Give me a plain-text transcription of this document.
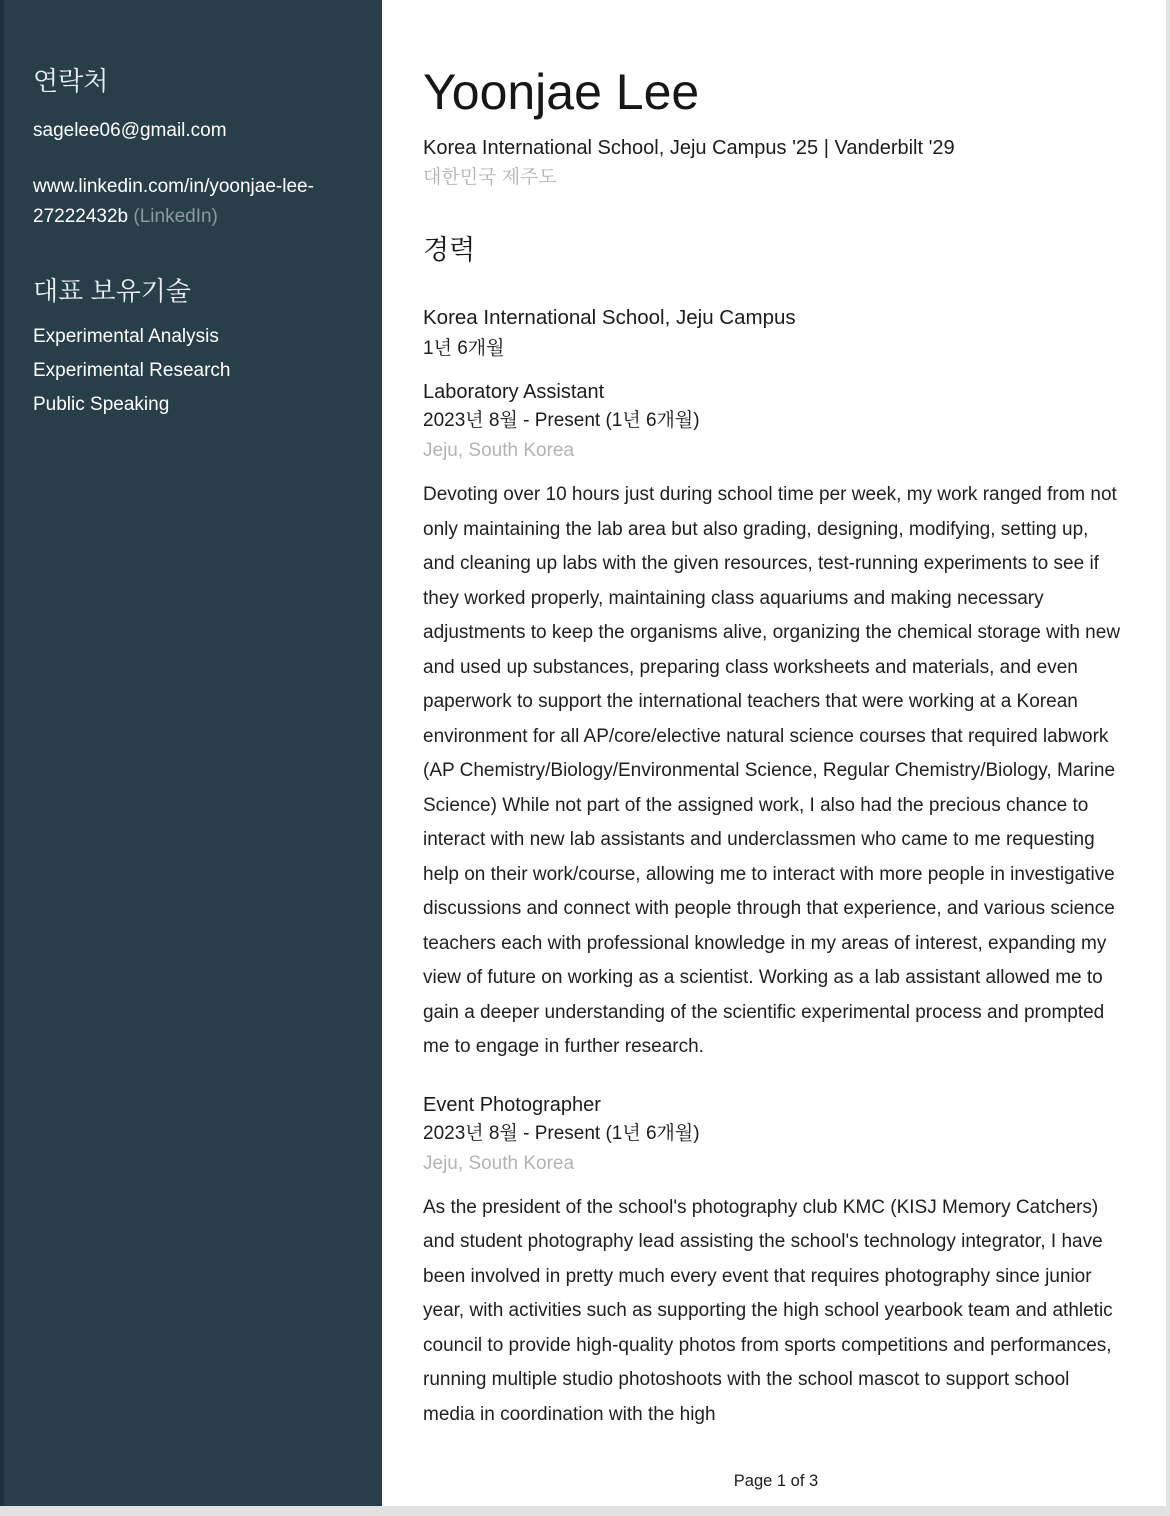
연락처
sagelee06@gmail.com
www.linkedin.com/in/yoonjae-lee-27222432b (LinkedIn)
대표 보유기술
Experimental Analysis
Experimental Research
Public Speaking
Yoonjae Lee
Korea International School, Jeju Campus '25 | Vanderbilt '29
대한민국 제주도
경력
Korea International School, Jeju Campus
1년 6개월
Laboratory Assistant
2023년 8월 - Present (1년 6개월)
Jeju, South Korea

Devoting over 10 hours just during school time per week, my work ranged from not only maintaining the lab area but also grading, designing, modifying, setting up, and cleaning up labs with the given resources, test-running experiments to see if they worked properly, maintaining class aquariums and making necessary adjustments to keep the organisms alive, organizing the chemical storage with new and used up substances, preparing class worksheets and materials, and even paperwork to support the international teachers that were working at a Korean environment for all AP/core/elective natural science courses that required labwork (AP Chemistry/Biology/Environmental Science, Regular Chemistry/Biology, Marine Science) While not part of the assigned work, I also had the precious chance to interact with new lab assistants and underclassmen who came to me requesting help on their work/course, allowing me to interact with more people in investigative discussions and connect with people through that experience, and various science teachers each with professional knowledge in my areas of interest, expanding my view of future on working as a scientist. Working as a lab assistant allowed me to gain a deeper understanding of the scientific experimental process and prompted me to engage in further research.

Event Photographer
2023년 8월 - Present (1년 6개월)
Jeju, South Korea

As the president of the school's photography club KMC (KISJ Memory Catchers) and student photography lead assisting the school's technology integrator, I have been involved in pretty much every event that requires photography since junior year, with activities such as supporting the high school yearbook team and athletic council to provide high-quality photos from sports competitions and performances, running multiple studio photoshoots with the school mascot to support school media in coordination with the high

Page 1 of 3
